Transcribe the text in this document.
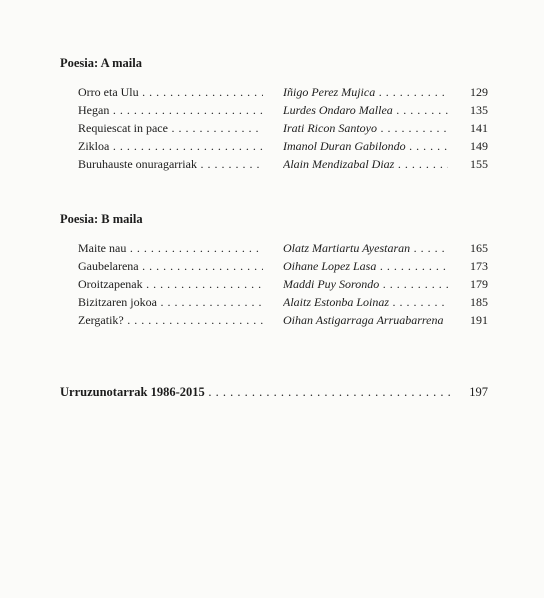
Poesia: A maila
Orro eta Ulu . . .	Iñigo Perez Mujica . . .	129
Hegan . . .	Lurdes Ondaro Mallea . . .	135
Requiescat in pace . . .	Irati Ricon Santoyo . . .	141
Zikloa . . .	Imanol Duran Gabilondo . . .	149
Buruhauste onuragarriak . . .	Alain Mendizabal Diaz . . .	155
Poesia: B maila
Maite nau . . .	Olatz Martiartu Ayestaran . . .	165
Gaubelarena . . .	Oihane Lopez Lasa . . .	173
Oroitzapenak . . .	Maddi Puy Sorondo . . .	179
Bizitzaren jokoa . . .	Alaitz Estonba Loinaz . . .	185
Zergatik? . . .	Oihan Astigarraga Arruabarrena	191
Urruzunotarrak 1986-2015 . . .	197
